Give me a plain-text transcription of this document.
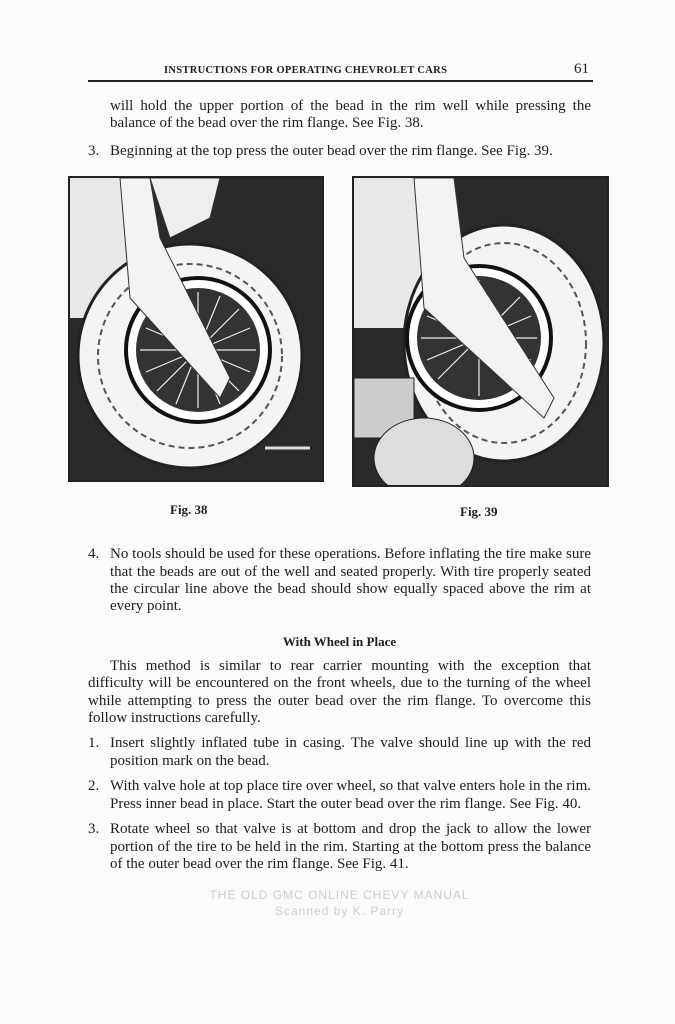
INSTRUCTIONS FOR OPERATING CHEVROLET CARS	61

will hold the upper portion of the bead in the rim well while pressing the balance of the bead over the rim flange. See Fig. 38.

3. Beginning at the top press the outer bead over the rim flange. See Fig. 39.
Fig. 38	Fig. 39
4. No tools should be used for these operations. Before inflating the tire make sure that the beads are out of the well and seated properly. With tire properly seated the circular line above the bead should show equally spaced above the rim at every point.
With Wheel in Place

This method is similar to rear carrier mounting with the exception that difficulty will be encountered on the front wheels, due to the turning of the wheel while attempting to press the outer bead over the rim flange. To overcome this follow instructions carefully.

1. Insert slightly inflated tube in casing. The valve should line up with the red position mark on the bead.
2. With valve hole at top place tire over wheel, so that valve enters hole in the rim. Press inner bead in place. Start the outer bead over the rim flange. See Fig. 40.
3. Rotate wheel so that valve is at bottom and drop the jack to allow the lower portion of the tire to be held in the rim. Starting at the bottom press the balance of the outer bead over the rim flange. See Fig. 41.
THE OLD GMC ONLINE CHEVY MANUAL
Scanned by K. Parry
